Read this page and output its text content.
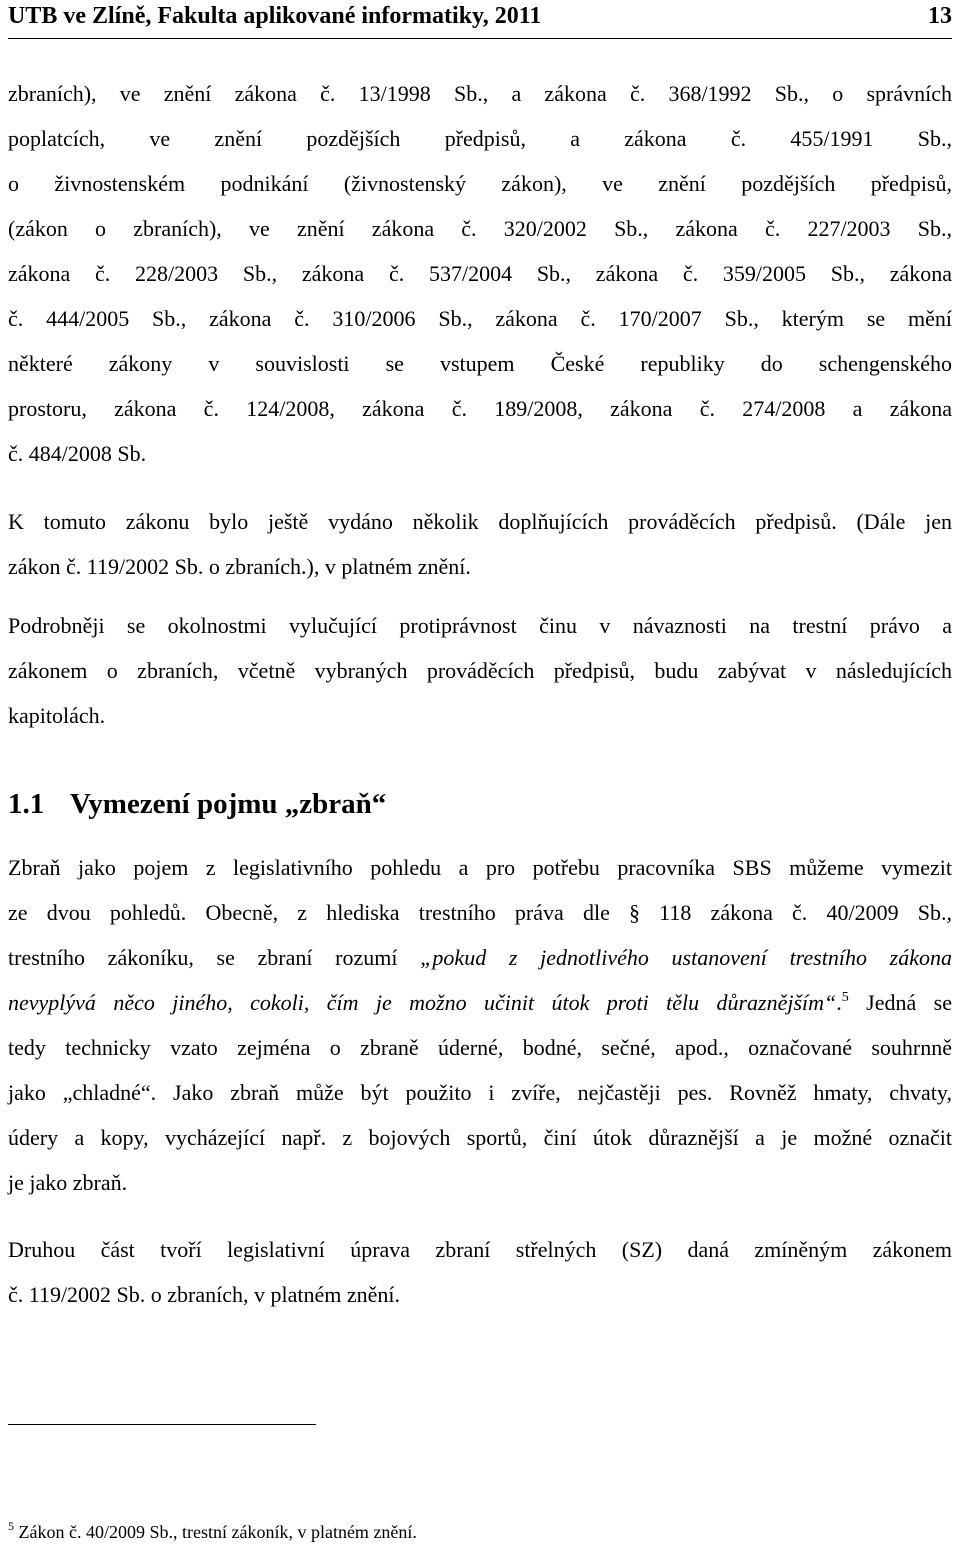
UTB ve Zlíně, Fakulta aplikované informatiky, 2011	13
zbraních), ve znění zákona č. 13/1998 Sb., a zákona č. 368/1992 Sb., o správních
poplatcích, ve znění pozdějších předpisů, a zákona č. 455/1991 Sb.,
o živnostenském podnikání (živnostenský zákon), ve znění pozdějších předpisů,
(zákon o zbraních), ve znění zákona č. 320/2002 Sb., zákona č. 227/2003 Sb.,
zákona č. 228/2003 Sb., zákona č. 537/2004 Sb., zákona č. 359/2005 Sb., zákona
č. 444/2005 Sb., zákona č. 310/2006 Sb., zákona č. 170/2007 Sb., kterým se mění
některé zákony v souvislosti se vstupem České republiky do schengenského
prostoru, zákona č. 124/2008, zákona č. 189/2008, zákona č. 274/2008 a zákona
č. 484/2008 Sb.
K tomuto zákonu bylo ještě vydáno několik doplňujících prováděcích předpisů. (Dále jen
zákon č. 119/2002 Sb. o zbraních.), v platném znění.
Podrobněji se okolnostmi vylučující protiprávnost činu v návaznosti na trestní právo a
zákonem o zbraních, včetně vybraných prováděcích předpisů, budu zabývat v následujících
kapitolách.
1.1 Vymezení pojmu „zbraň“
Zbraň jako pojem z legislativního pohledu a pro potřebu pracovníka SBS můžeme vymezit
ze dvou pohledů. Obecně, z hlediska trestního práva dle § 118 zákona č. 40/2009 Sb.,
trestního zákoníku, se zbraní rozumí „pokud z jednotlivého ustanovení trestního zákona
nevyplývá něco jiného, cokoli, čím je možno učinit útok proti tělu důraznějším“.$^5$ Jedná se
tedy technicky vzato zejména o zbraně úderné, bodné, sečné, apod., označované souhrnně
jako „chladné“. Jako zbraň může být použito i zvíře, nejčastěji pes. Rovněž hmaty, chvaty,
údery a kopy, vycházející např. z bojových sportů, činí útok důraznější a je možné označit
je jako zbraň.
Druhou část tvoří legislativní úprava zbraní střelných (SZ) daná zmíněným zákonem
č. 119/2002 Sb. o zbraních, v platném znění.
$^5$ Zákon č. 40/2009 Sb., trestní zákoník, v platném znění.
